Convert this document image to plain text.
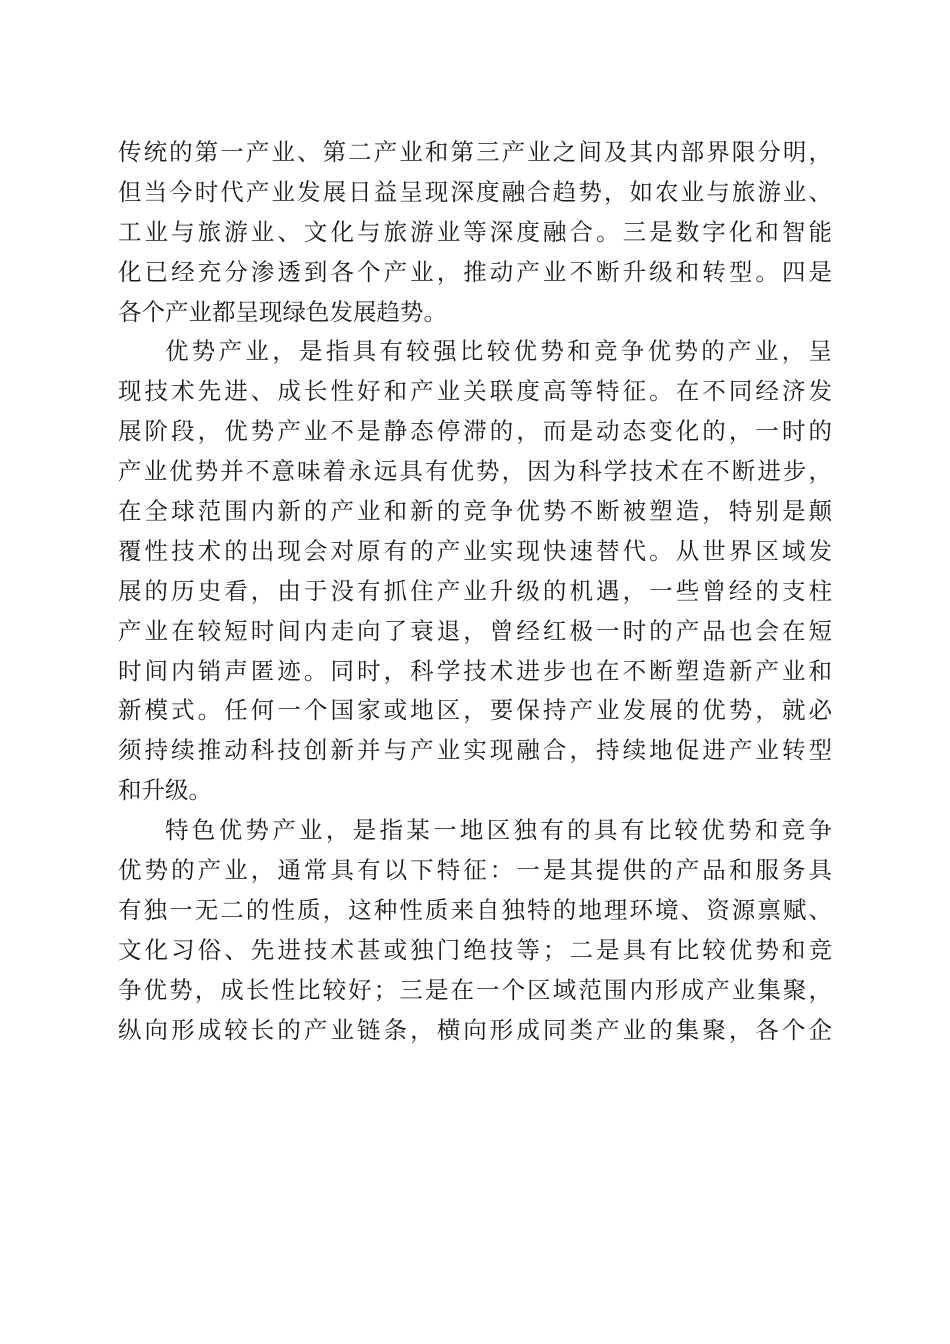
传统的第一产业、第二产业和第三产业之间及其内部界限分明，
但当今时代产业发展日益呈现深度融合趋势，如农业与旅游业、
工业与旅游业、文化与旅游业等深度融合。三是数字化和智能
化已经充分渗透到各个产业，推动产业不断升级和转型。四是
各个产业都呈现绿色发展趋势。
优势产业，是指具有较强比较优势和竞争优势的产业，呈
现技术先进、成长性好和产业关联度高等特征。在不同经济发
展阶段，优势产业不是静态停滞的，而是动态变化的，一时的
产业优势并不意味着永远具有优势，因为科学技术在不断进步，
在全球范围内新的产业和新的竞争优势不断被塑造，特别是颠
覆性技术的出现会对原有的产业实现快速替代。从世界区域发
展的历史看，由于没有抓住产业升级的机遇，一些曾经的支柱
产业在较短时间内走向了衰退，曾经红极一时的产品也会在短
时间内销声匿迹。同时，科学技术进步也在不断塑造新产业和
新模式。任何一个国家或地区，要保持产业发展的优势，就必
须持续推动科技创新并与产业实现融合，持续地促进产业转型
和升级。
特色优势产业，是指某一地区独有的具有比较优势和竞争
优势的产业，通常具有以下特征：一是其提供的产品和服务具
有独一无二的性质，这种性质来自独特的地理环境、资源禀赋、
文化习俗、先进技术甚或独门绝技等；二是具有比较优势和竞
争优势，成长性比较好；三是在一个区域范围内形成产业集聚，
纵向形成较长的产业链条，横向形成同类产业的集聚，各个企
